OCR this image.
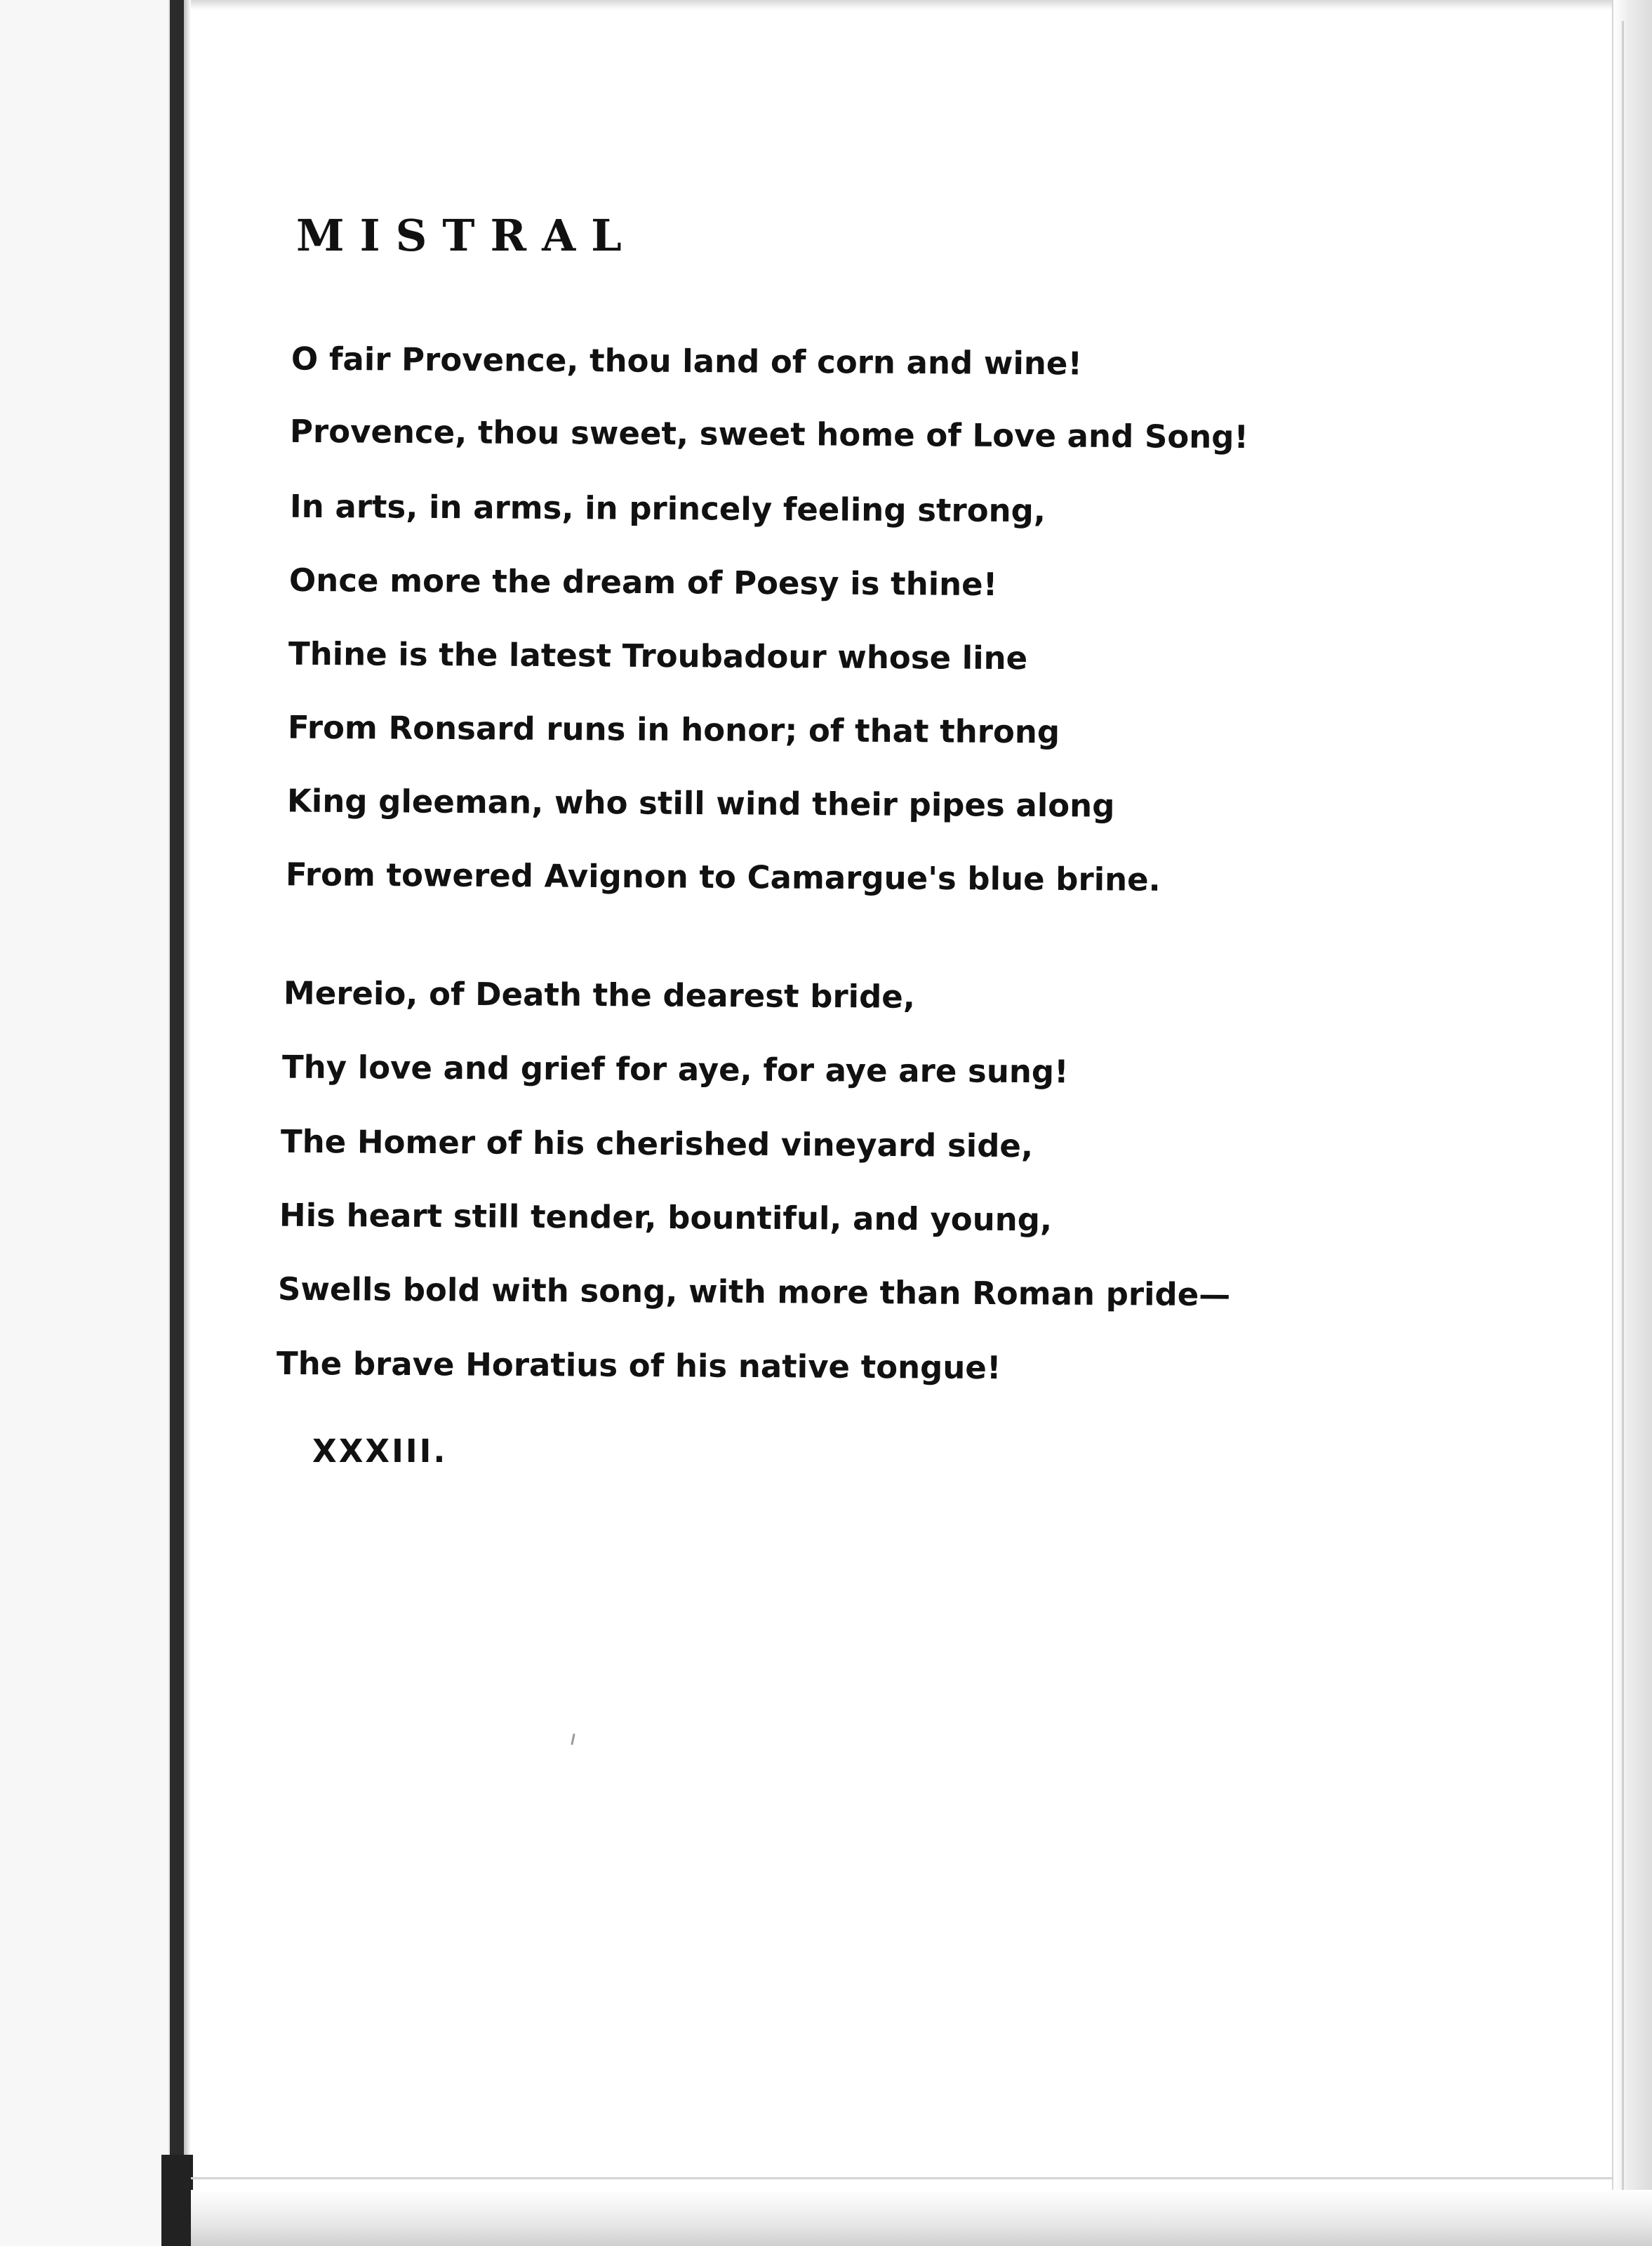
MISTRAL
O fair Provence, thou land of corn and wine!
Provence, thou sweet, sweet home of Love and Song!
In arts, in arms, in princely feeling strong,
Once more the dream of Poesy is thine!
Thine is the latest Troubadour whose line
From Ronsard runs in honor; of that throng
King gleeman, who still wind their pipes along
From towered Avignon to Camargue's blue brine.
Mereio, of Death the dearest bride,
Thy love and grief for aye, for aye are sung!
The Homer of his cherished vineyard side,
His heart still tender, bountiful, and young,
Swells bold with song, with more than Roman pride—
The brave Horatius of his native tongue!
XXXIII.
